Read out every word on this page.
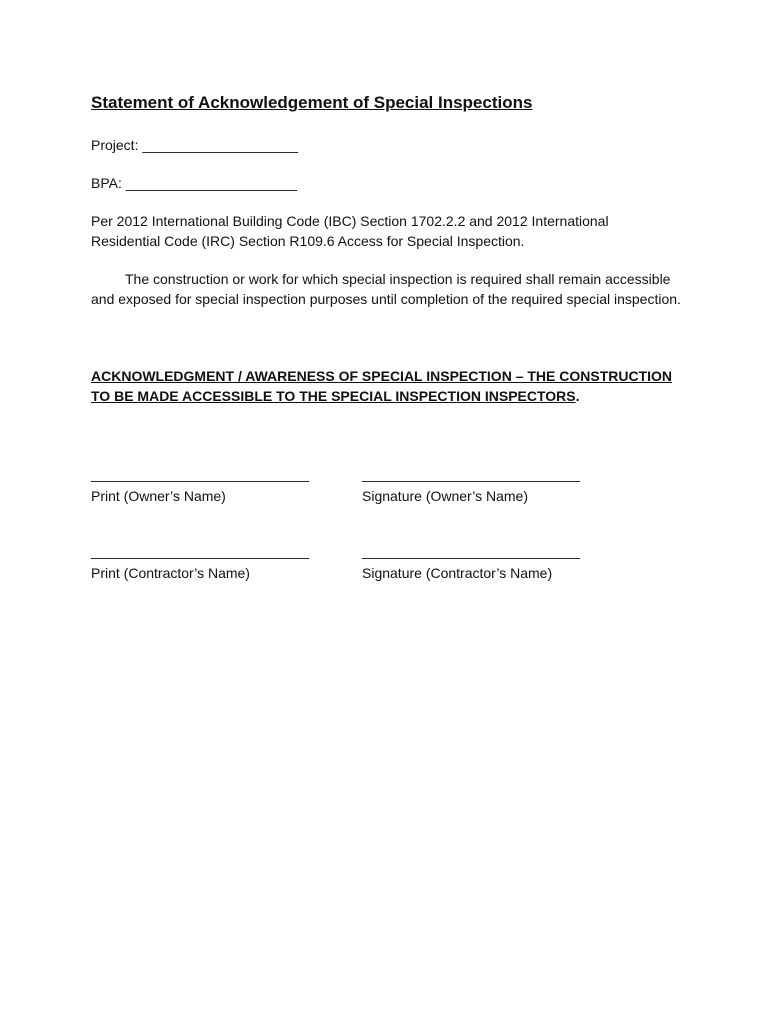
Statement of Acknowledgement of Special Inspections
Project: ____________________
BPA: ______________________
Per 2012 International Building Code (IBC) Section 1702.2.2 and 2012 International Residential Code (IRC) Section R109.6 Access for Special Inspection.
The construction or work for which special inspection is required shall remain accessible and exposed for special inspection purposes until completion of the required special inspection.
ACKNOWLEDGMENT / AWARENESS OF SPECIAL INSPECTION – THE CONSTRUCTION TO BE MADE ACCESSIBLE TO THE SPECIAL INSPECTION INSPECTORS.
____________________________
Print (Owner’s Name)
____________________________
Signature (Owner’s Name)
____________________________
Print (Contractor’s Name)
____________________________
Signature (Contractor’s Name)
